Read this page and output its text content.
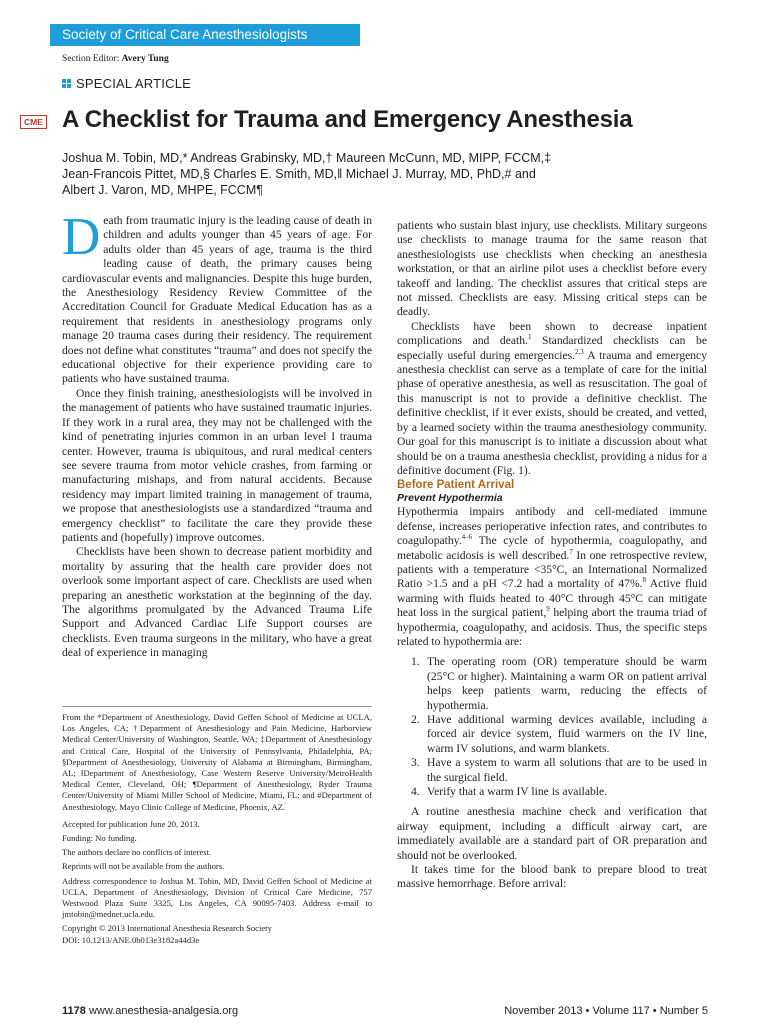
Society of Critical Care Anesthesiologists
Section Editor: Avery Tung
SPECIAL ARTICLE
CME A Checklist for Trauma and Emergency Anesthesia
Joshua M. Tobin, MD,* Andreas Grabinsky, MD,† Maureen McCunn, MD, MIPP, FCCM,‡
Jean-Francois Pittet, MD,§ Charles E. Smith, MD,‖ Michael J. Murray, MD, PhD,# and
Albert J. Varon, MD, MHPE, FCCM¶

Death from traumatic injury is the leading cause of death in children and adults younger than 45 years of age. For adults older than 45 years of age, trauma is the third leading cause of death, the primary causes being cardiovascular events and malignancies. Despite this huge burden, the Anesthesiology Residency Review Committee of the Accreditation Council for Graduate Medical Education has as a requirement that residents in anesthesiology programs only manage 20 trauma cases during their residency. The requirement does not define what constitutes “trauma” and does not specify the educational objective for their experience providing care to patients who have sustained trauma.

Once they finish training, anesthesiologists will be involved in the management of patients who have sustained traumatic injuries. If they work in a rural area, they may not be challenged with the kind of penetrating injuries common in an urban level I trauma center. However, trauma is ubiquitous, and rural medical centers see severe trauma from motor vehicle crashes, from farming or manufacturing mishaps, and from natural accidents. Because residency may impart limited training in management of trauma, we propose that anesthesiologists use a standardized “trauma and emergency checklist” to facilitate the care they provide these patients and (hopefully) improve outcomes.

Checklists have been shown to decrease patient morbidity and mortality by assuring that the health care provider does not overlook some important aspect of care. Checklists are used when preparing an anesthetic workstation at the beginning of the day. The algorithms promulgated by the Advanced Trauma Life Support and Advanced Cardiac Life Support courses are checklists. Even trauma surgeons in the military, who have a great deal of experience in managing

From the *Department of Anesthesiology, David Geffen School of Medicine at UCLA, Los Angeles, CA; †Department of Anesthesiology and Pain Medicine, Harborview Medical Center/University of Washington, Seattle, WA; ‡Department of Anesthesiology and Critical Care, Hospital of the University of Pennsylvania, Philadelphia, PA; §Department of Anesthesiology, University of Alabama at Birmingham, Birmingham, AL; ‖Department of Anesthesiology, Case Western Reserve University/MetroHealth Medical Center, Cleveland, OH; ¶Department of Anesthesiology, Ryder Trauma Center/University of Miami Miller School of Medicine, Miami, FL; and #Department of Anesthesiology, Mayo Clinic College of Medicine, Phoenix, AZ.

Accepted for publication June 20, 2013.

Funding: No funding.

The authors declare no conflicts of interest.

Reprints will not be available from the authors.

Address correspondence to Joshua M. Tobin, MD, David Geffen School of Medicine at UCLA, Department of Anesthesiology, Division of Critical Care Medicine, 757 Westwood Plaza Suite 3325, Los Angeles, CA 90095-7403. Address e-mail to jmtobin@mednet.ucla.edu.

Copyright © 2013 International Anesthesia Research Society

DOI: 10.1213/ANE.0b013e3182a44d3e

patients who sustain blast injury, use checklists. Military surgeons use checklists to manage trauma for the same reason that anesthesiologists use checklists when checking an anesthesia workstation, or that an airline pilot uses a checklist before every takeoff and landing. The checklist assures that critical steps are not missed. Checklists are easy. Missing critical steps can be deadly.

Checklists have been shown to decrease inpatient complications and death.$^1$ Standardized checklists can be especially useful during emergencies.$^{2,3}$ A trauma and emergency anesthesia checklist can serve as a template of care for the initial phase of operative anesthesia, as well as resuscitation. The goal of this manuscript is not to provide a definitive checklist. The definitive checklist, if it ever exists, should be created, and vetted, by a learned society within the trauma anesthesiology community. Our goal for this manuscript is to initiate a discussion about what should be on a trauma anesthesia checklist, providing a nidus for a definitive document (Fig. 1).

Before Patient Arrival

Prevent Hypothermia

Hypothermia impairs antibody and cell-mediated immune defense, increases perioperative infection rates, and contributes to coagulopathy.$^{4-6}$ The cycle of hypothermia, coagulopathy, and metabolic acidosis is well described.$^7$ In one retrospective review, patients with a temperature <35°C, an International Normalized Ratio >1.5 and a pH <7.2 had a mortality of 47%.$^8$ Active fluid warming with fluids heated to 40°C through 45°C can mitigate heat loss in the surgical patient,$^9$ helping abort the trauma triad of hypothermia, coagulopathy, and acidosis. Thus, the specific steps related to hypothermia are:

1. The operating room (OR) temperature should be warm (25°C or higher). Maintaining a warm OR on patient arrival helps keep patients warm, reducing the effects of hypothermia.
2. Have additional warming devices available, including a forced air device system, fluid warmers on the IV line, warm IV solutions, and warm blankets.
3. Have a system to warm all solutions that are to be used in the surgical field.
4. Verify that a warm IV line is available.

A routine anesthesia machine check and verification that airway equipment, including a difficult airway cart, are immediately available are a standard part of OR preparation and should not be overlooked.

It takes time for the blood bank to prepare blood to treat massive hemorrhage. Before arrival:

1178 www.anesthesia-analgesia.org	November 2013 • Volume 117 • Number 5
